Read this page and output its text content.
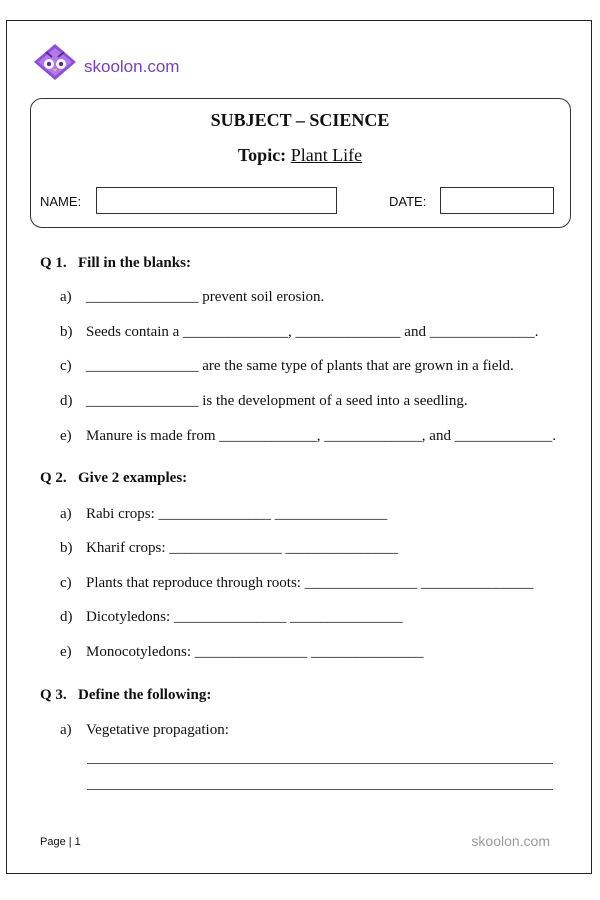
skoolon.com
SUBJECT – SCIENCE
Topic: Plant Life
NAME:	DATE:
Q 1. Fill in the blanks:
a) _______________ prevent soil erosion.
b) Seeds contain a ______________, ______________ and ______________.
c) _______________ are the same type of plants that are grown in a field.
d) _______________ is the development of a seed into a seedling.
e) Manure is made from _____________, _____________, and _____________.
Q 2. Give 2 examples:
a) Rabi crops: _______________ _______________
b) Kharif crops: _______________ _______________
c) Plants that reproduce through roots: _______________ _______________
d) Dicotyledons: _______________ _______________
e) Monocotyledons: _______________ _______________
Q 3. Define the following:
a) Vegetative propagation:
Page | 1	skoolon.com
